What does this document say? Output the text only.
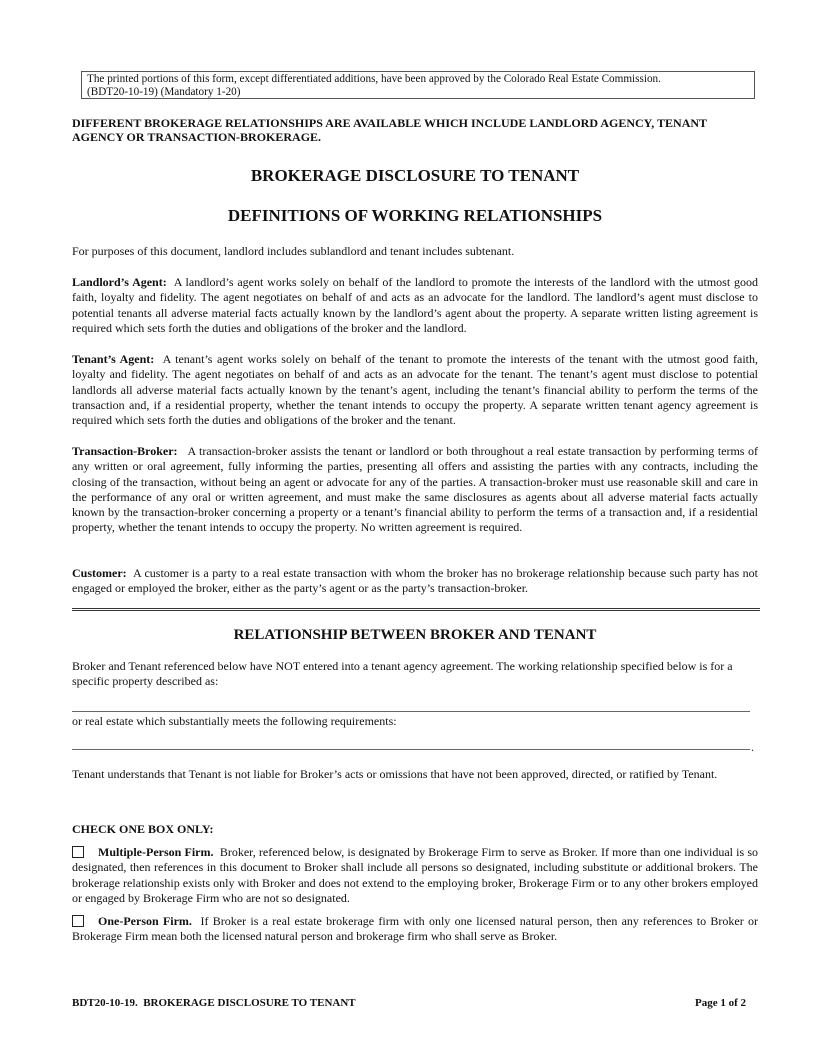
The printed portions of this form, except differentiated additions, have been approved by the Colorado Real Estate Commission.
(BDT20-10-19) (Mandatory 1-20)
DIFFERENT BROKERAGE RELATIONSHIPS ARE AVAILABLE WHICH INCLUDE LANDLORD AGENCY, TENANT AGENCY OR TRANSACTION-BROKERAGE.
BROKERAGE DISCLOSURE TO TENANT
DEFINITIONS OF WORKING RELATIONSHIPS
For purposes of this document, landlord includes sublandlord and tenant includes subtenant.
Landlord’s Agent: A landlord’s agent works solely on behalf of the landlord to promote the interests of the landlord with the utmost good faith, loyalty and fidelity. The agent negotiates on behalf of and acts as an advocate for the landlord. The landlord’s agent must disclose to potential tenants all adverse material facts actually known by the landlord’s agent about the property. A separate written listing agreement is required which sets forth the duties and obligations of the broker and the landlord.
Tenant’s Agent: A tenant’s agent works solely on behalf of the tenant to promote the interests of the tenant with the utmost good faith, loyalty and fidelity. The agent negotiates on behalf of and acts as an advocate for the tenant. The tenant’s agent must disclose to potential landlords all adverse material facts actually known by the tenant’s agent, including the tenant’s financial ability to perform the terms of the transaction and, if a residential property, whether the tenant intends to occupy the property. A separate written tenant agency agreement is required which sets forth the duties and obligations of the broker and the tenant.
Transaction-Broker: A transaction-broker assists the tenant or landlord or both throughout a real estate transaction by performing terms of any written or oral agreement, fully informing the parties, presenting all offers and assisting the parties with any contracts, including the closing of the transaction, without being an agent or advocate for any of the parties. A transaction-broker must use reasonable skill and care in the performance of any oral or written agreement, and must make the same disclosures as agents about all adverse material facts actually known by the transaction-broker concerning a property or a tenant’s financial ability to perform the terms of a transaction and, if a residential property, whether the tenant intends to occupy the property. No written agreement is required.
Customer: A customer is a party to a real estate transaction with whom the broker has no brokerage relationship because such party has not engaged or employed the broker, either as the party’s agent or as the party’s transaction-broker.
RELATIONSHIP BETWEEN BROKER AND TENANT
Broker and Tenant referenced below have NOT entered into a tenant agency agreement. The working relationship specified below is for a specific property described as:
or real estate which substantially meets the following requirements:
.
Tenant understands that Tenant is not liable for Broker’s acts or omissions that have not been approved, directed, or ratified by Tenant.
CHECK ONE BOX ONLY:
Multiple-Person Firm. Broker, referenced below, is designated by Brokerage Firm to serve as Broker. If more than one individual is so designated, then references in this document to Broker shall include all persons so designated, including substitute or additional brokers. The brokerage relationship exists only with Broker and does not extend to the employing broker, Brokerage Firm or to any other brokers employed or engaged by Brokerage Firm who are not so designated.
One-Person Firm. If Broker is a real estate brokerage firm with only one licensed natural person, then any references to Broker or Brokerage Firm mean both the licensed natural person and brokerage firm who shall serve as Broker.
BDT20-10-19.  BROKERAGE DISCLOSURE TO TENANT	Page 1 of 2
